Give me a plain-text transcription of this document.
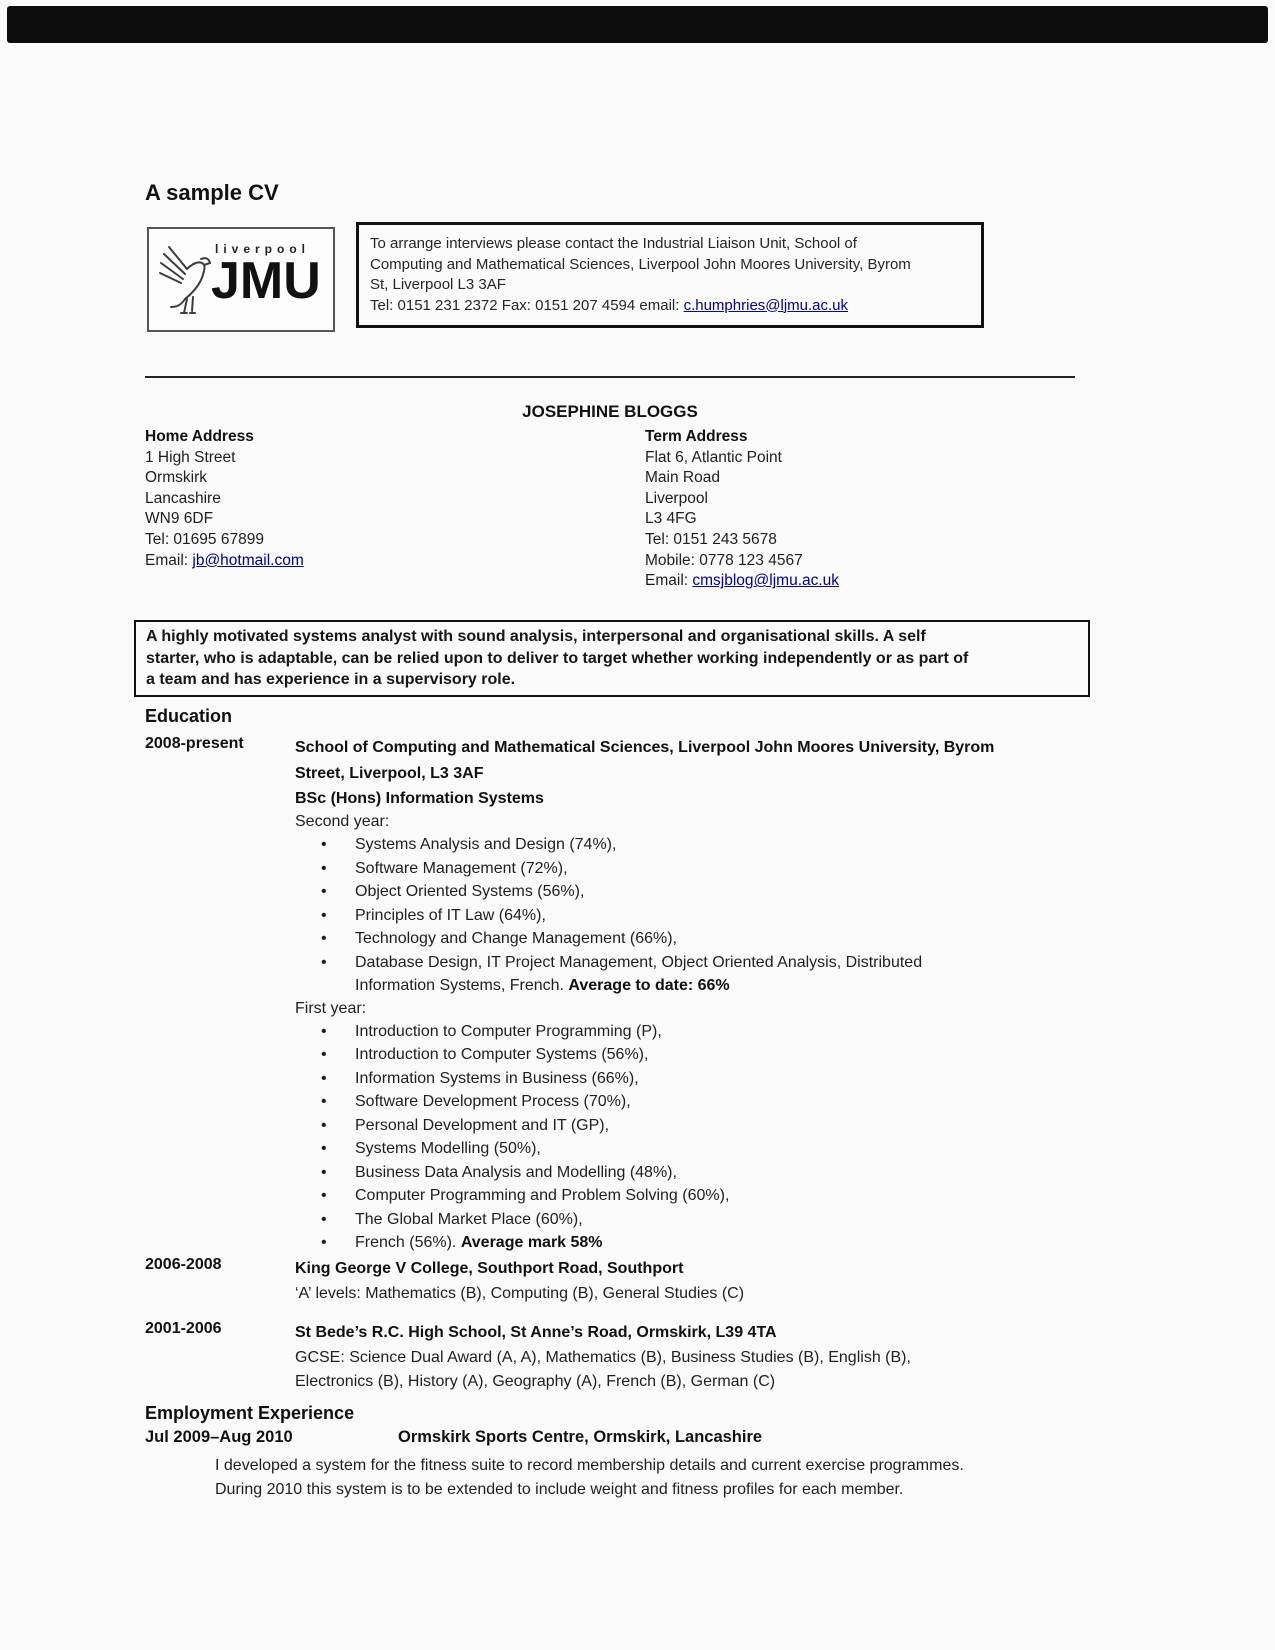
A sample CV
liverpool
JMU
To arrange interviews please contact the Industrial Liaison Unit, School of
Computing and Mathematical Sciences, Liverpool John Moores University, Byrom
St, Liverpool L3 3AF
Tel: 0151 231 2372 Fax: 0151 207 4594 email: c.humphries@ljmu.ac.uk
JOSEPHINE BLOGGS
Home Address
1 High Street
Ormskirk
Lancashire
WN9 6DF
Tel: 01695 67899
Email: jb@hotmail.com
Term Address
Flat 6, Atlantic Point
Main Road
Liverpool
L3 4FG
Tel: 0151 243 5678
Mobile: 0778 123 4567
Email: cmsjblog@ljmu.ac.uk
A highly motivated systems analyst with sound analysis, interpersonal and organisational skills. A self
starter, who is adaptable, can be relied upon to deliver to target whether working independently or as part of
a team and has experience in a supervisory role.
Education
2008-present	School of Computing and Mathematical Sciences, Liverpool John Moores University, Byrom
Street, Liverpool, L3 3AF
BSc (Hons) Information Systems
Second year:
• Systems Analysis and Design (74%),
• Software Management (72%),
• Object Oriented Systems (56%),
• Principles of IT Law (64%),
• Technology and Change Management (66%),
• Database Design, IT Project Management, Object Oriented Analysis, Distributed Information Systems, French. Average to date: 66%
First year:
• Introduction to Computer Programming (P),
• Introduction to Computer Systems (56%),
• Information Systems in Business (66%),
• Software Development Process (70%),
• Personal Development and IT (GP),
• Systems Modelling (50%),
• Business Data Analysis and Modelling (48%),
• Computer Programming and Problem Solving (60%),
• The Global Market Place (60%),
• French (56%). Average mark 58%
2006-2008	King George V College, Southport Road, Southport
‘A’ levels: Mathematics (B), Computing (B), General Studies (C)
2001-2006	St Bede’s R.C. High School, St Anne’s Road, Ormskirk, L39 4TA
GCSE: Science Dual Award (A, A), Mathematics (B), Business Studies (B), English (B),
Electronics (B), History (A), Geography (A), French (B), German (C)
Employment Experience
Jul 2009–Aug 2010	Ormskirk Sports Centre, Ormskirk, Lancashire
I developed a system for the fitness suite to record membership details and current exercise programmes.
During 2010 this system is to be extended to include weight and fitness profiles for each member.
